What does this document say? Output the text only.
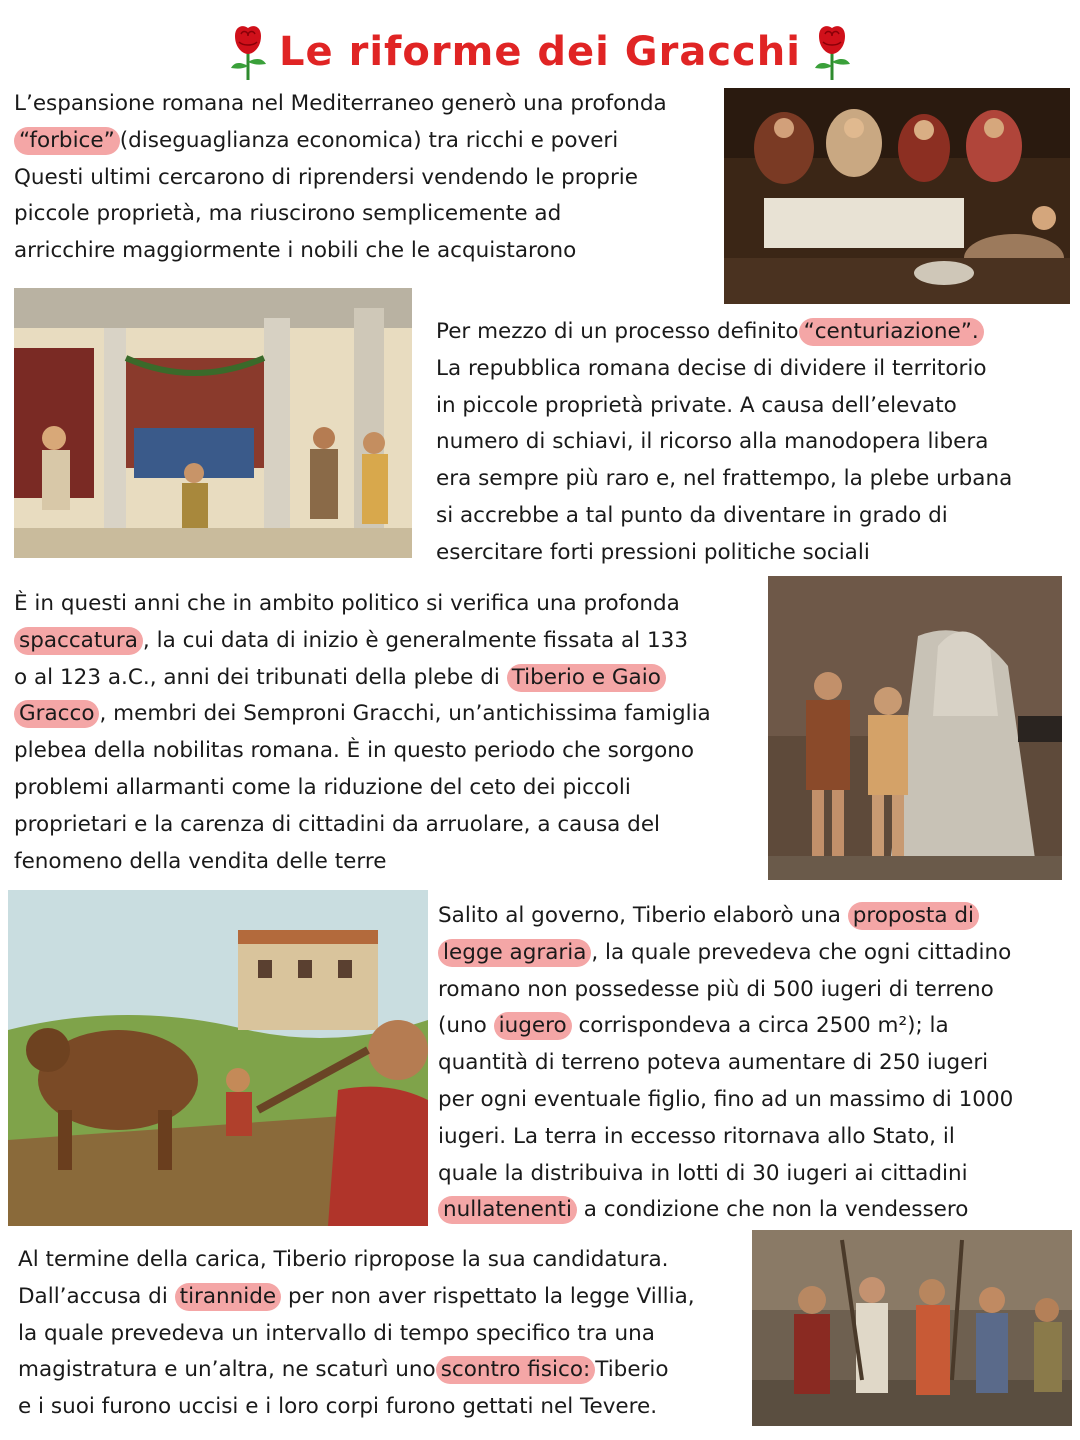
Le riforme dei Gracchi

L’espansione romana nel Mediterraneo generò una profonda

“forbice” (diseguaglianza economica) tra ricchi e poveri

Questi ultimi cercarono di riprendersi vendendo le proprie

piccole proprietà, ma riuscirono semplicemente ad

arricchire maggiormente i nobili che le acquistarono

Per mezzo di un processo definito “centuriazione”.

La repubblica romana decise di dividere il territorio

in piccole proprietà private. A causa dell’elevato

numero di schiavi, il ricorso alla manodopera libera

era sempre più raro e, nel frattempo, la plebe urbana

si accrebbe a tal punto da diventare in grado di

esercitare forti pressioni politiche sociali

È in questi anni che in ambito politico si verifica una profonda

spaccatura , la cui data di inizio è generalmente fissata al 133

o al 123 a.C., anni dei tribunati della plebe di Tiberio e Gaio

Gracco , membri dei Semproni Gracchi, un’antichissima famiglia

plebea della nobilitas romana. È in questo periodo che sorgono

problemi allarmanti come la riduzione del ceto dei piccoli

proprietari e la carenza di cittadini da arruolare, a causa del

fenomeno della vendita delle terre

Salito al governo, Tiberio elaborò una proposta di

legge agraria , la quale prevedeva che ogni cittadino

romano non possedesse più di 500 iugeri di terreno

(uno iugero corrispondeva a circa 2500 m²); la

quantità di terreno poteva aumentare di 250 iugeri

per ogni eventuale figlio, fino ad un massimo di 1000

iugeri. La terra in eccesso ritornava allo Stato, il

quale la distribuiva in lotti di 30 iugeri ai cittadini

nullatenenti a condizione che non la vendessero

Al termine della carica, Tiberio ripropose la sua candidatura.

Dall’accusa di tirannide per non aver rispettato la legge Villia,

la quale prevedeva un intervallo di tempo specifico tra una

magistratura e un’altra, ne scaturì uno scontro fisico: Tiberio

e i suoi furono uccisi e i loro corpi furono gettati nel Tevere.
